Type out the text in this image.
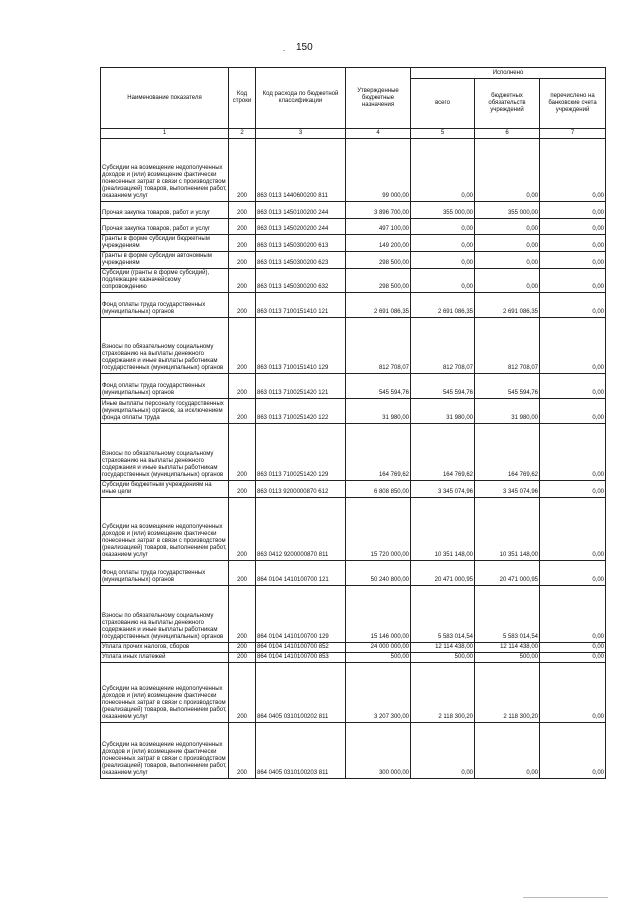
. 150
Наименование показателя	Код строки	Код расхода по бюджетной классификации	Утвержденные бюджетные назначения	Исполнено		
				всего	бюджетных обязательств учреждений	перечислено на банковские счета учреждений
1	2	3	4	5	6	7
Субсидии на возмещение недополученных доходов и (или) возмещение фактически понесенных затрат в связи с производством (реализацией) товаров, выполнением работ, оказанием услуг	200	863 0113 1440600200 811	99 000,00	0,00	0,00	0,00
Прочая закупка товаров, работ и услуг	200	863 0113 1450100200 244	3 896 700,00	355 000,00	355 000,00	0,00
Прочая закупка товаров, работ и услуг	200	863 0113 1450200200 244	497 100,00	0,00	0,00	0,00
Гранты в форме субсидии бюджетным учреждениям	200	863 0113 1450300200 613	149 200,00	0,00	0,00	0,00
Гранты в форме субсидии автономным учреждениям	200	863 0113 1450300200 623	298 500,00	0,00	0,00	0,00
Субсидии (гранты в форме субсидий), подлежащие казначейскому сопровождению	200	863 0113 1450300200 632	298 500,00	0,00	0,00	0,00
Фонд оплаты труда государственных (муниципальных) органов	200	863 0113 7100151410 121	2 691 086,35	2 691 086,35	2 691 086,35	0,00
Взносы по обязательному социальному страхованию на выплаты денежного содержания и иные выплаты работникам государственных (муниципальных) органов	200	863 0113 7100151410 129	812 708,07	812 708,07	812 708,07	0,00
Фонд оплаты труда государственных (муниципальных) органов	200	863 0113 7100251420 121	545 594,76	545 594,76	545 594,76	0,00
Иные выплаты персоналу государственных (муниципальных) органов, за исключением фонда оплаты труда	200	863 0113 7100251420 122	31 980,00	31 980,00	31 980,00	0,00
Взносы по обязательному социальному страхованию на выплаты денежного содержания и иные выплаты работникам государственных (муниципальных) органов	200	863 0113 7100251420 129	164 769,62	164 769,62	164 769,62	0,00
Субсидии бюджетным учреждениям на иные цели	200	863 0113 9200000870 612	6 808 850,00	3 345 074,96	3 345 074,96	0,00
Субсидии на возмещение недополученных доходов и (или) возмещение фактически понесенных затрат в связи с производством (реализацией) товаров, выполнением работ, оказанием услуг	200	863 0412 9200000870 811	15 720 000,00	10 351 148,00	10 351 148,00	0,00
Фонд оплаты труда государственных (муниципальных) органов	200	864 0104 1410100700 121	50 240 800,00	20 471 000,95	20 471 000,95	0,00
Взносы по обязательному социальному страхованию на выплаты денежного содержания и иные выплаты работникам государственных (муниципальных) органов	200	864 0104 1410100700 129	15 146 000,00	5 583 014,54	5 583 014,54	0,00
Уплата прочих налогов, сборов	200	864 0104 1410100700 852	24 000 000,00	12 114 438,00	12 114 438,00	0,00
Уплата иных платежей	200	864 0104 1410100700 853	500,00	500,00	500,00	0,00
Субсидии на возмещение недополученных доходов и (или) возмещение фактически понесенных затрат в связи с производством (реализацией) товаров, выполнением работ, оказанием услуг	200	864 0405 0310100202 811	3 207 300,00	2 118 300,20	2 118 300,20	0,00
Субсидии на возмещение недополученных доходов и (или) возмещение фактически понесенных затрат в связи с производством (реализацией) товаров, выполнением работ, оказанием услуг	200	864 0405 0310100203 811	300 000,00	0,00	0,00	0,00
